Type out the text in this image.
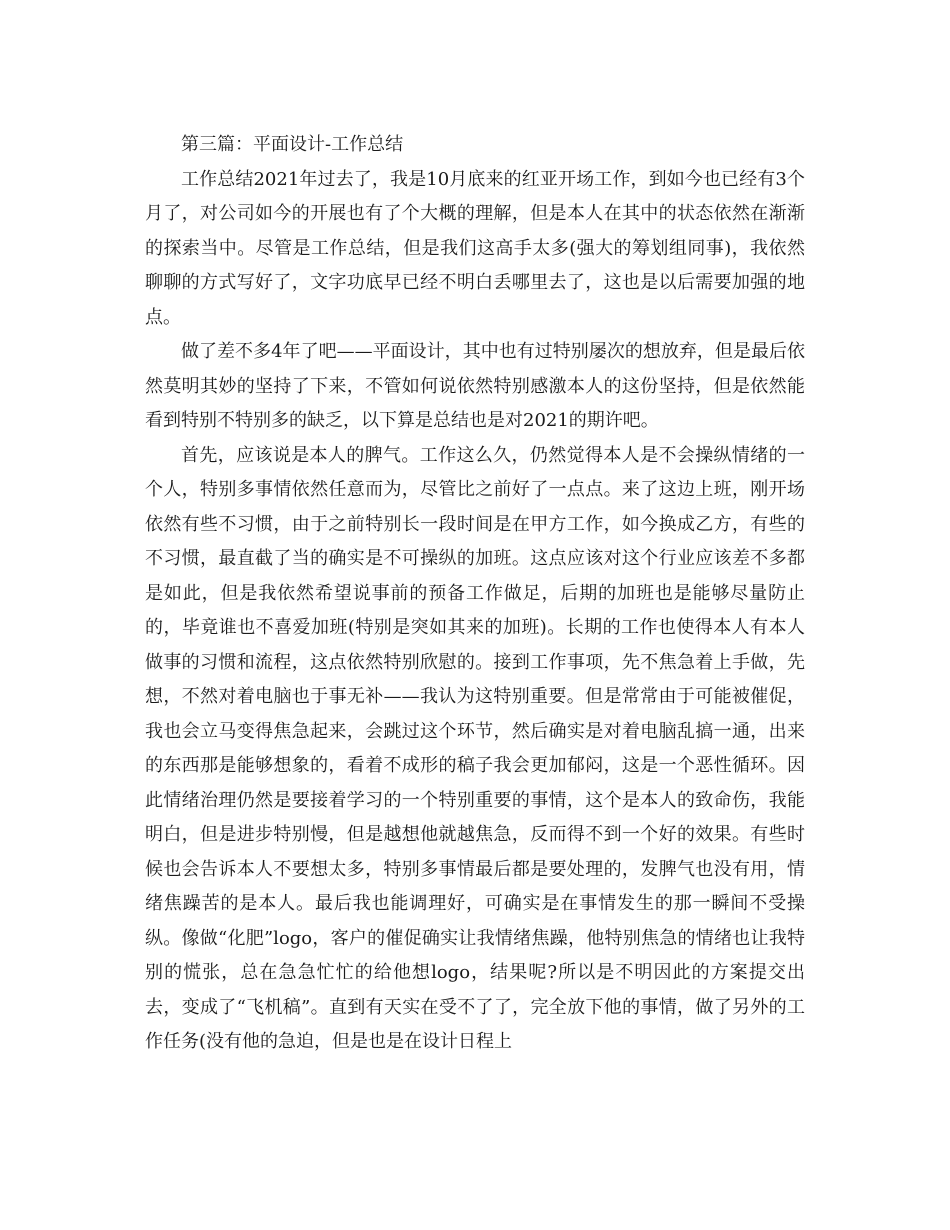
第三篇：平面设计-工作总结

工作总结2021年过去了，我是10月底来的红亚开场工作，到如今也已经有3个月了，对公司如今的开展也有了个大概的理解，但是本人在其中的状态依然在渐渐的探索当中。尽管是工作总结，但是我们这高手太多(强大的筹划组同事)，我依然聊聊的方式写好了，文字功底早已经不明白丢哪里去了，这也是以后需要加强的地点。

做了差不多4年了吧——平面设计，其中也有过特别屡次的想放弃，但是最后依然莫明其妙的坚持了下来，不管如何说依然特别感激本人的这份坚持，但是依然能看到特别不特别多的缺乏，以下算是总结也是对2021的期许吧。

首先，应该说是本人的脾气。工作这么久，仍然觉得本人是不会操纵情绪的一个人，特别多事情依然任意而为，尽管比之前好了一点点。来了这边上班，刚开场依然有些不习惯，由于之前特别长一段时间是在甲方工作，如今换成乙方，有些的不习惯，最直截了当的确实是不可操纵的加班。这点应该对这个行业应该差不多都是如此，但是我依然希望说事前的预备工作做足，后期的加班也是能够尽量防止的，毕竟谁也不喜爱加班(特别是突如其来的加班)。长期的工作也使得本人有本人做事的习惯和流程，这点依然特别欣慰的。接到工作事项，先不焦急着上手做，先想，不然对着电脑也于事无补——我认为这特别重要。但是常常由于可能被催促，我也会立马变得焦急起来，会跳过这个环节，然后确实是对着电脑乱搞一通，出来的东西那是能够想象的，看着不成形的稿子我会更加郁闷，这是一个恶性循环。因此情绪治理仍然是要接着学习的一个特别重要的事情，这个是本人的致命伤，我能明白，但是进步特别慢，但是越想他就越焦急，反而得不到一个好的效果。有些时候也会告诉本人不要想太多，特别多事情最后都是要处理的，发脾气也没有用，情绪焦躁苦的是本人。最后我也能调理好，可确实是在事情发生的那一瞬间不受操纵。像做“化肥”logo，客户的催促确实让我情绪焦躁，他特别焦急的情绪也让我特别的慌张，总在急急忙忙的给他想logo，结果呢?所以是不明因此的方案提交出去，变成了“飞机稿”。直到有天实在受不了了，完全放下他的事情，做了另外的工作任务(没有他的急迫，但是也是在设计日程上
